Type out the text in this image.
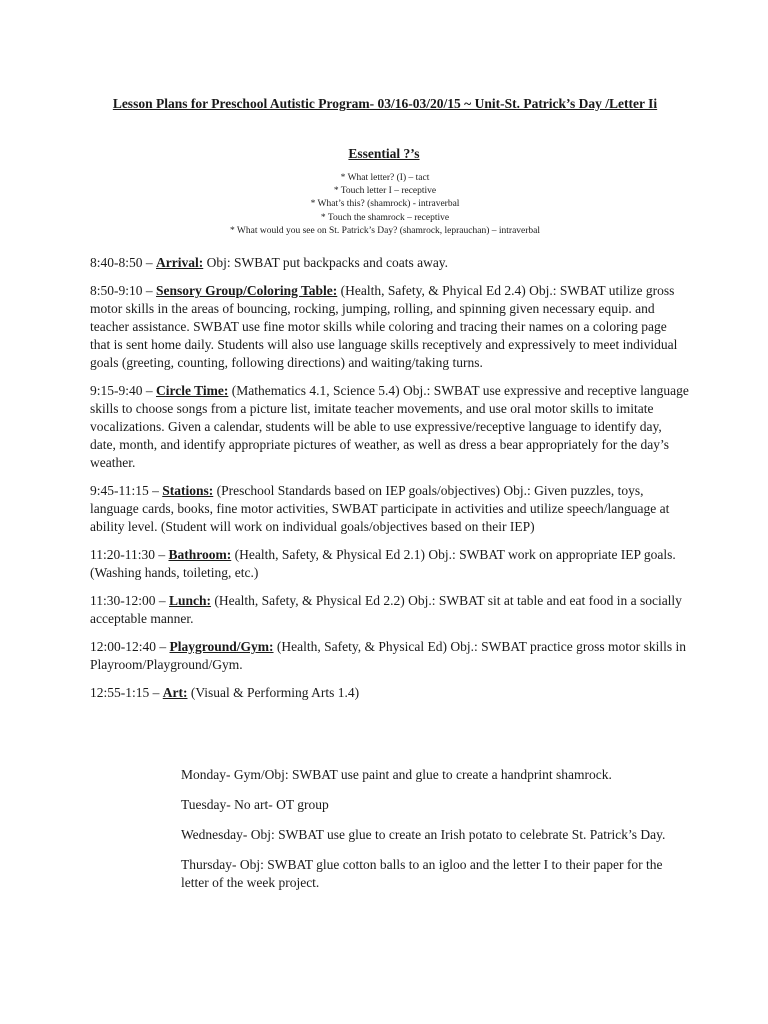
Lesson Plans for Preschool Autistic Program- 03/16-03/20/15 ~ Unit-St. Patrick’s Day /Letter Ii
Essential ?’s
* What letter? (I) – tact
* Touch letter I – receptive
* What’s this? (shamrock) - intraverbal
* Touch the shamrock – receptive
* What would you see on St. Patrick’s Day? (shamrock, leprauchan) – intraverbal

8:40-8:50 – Arrival: Obj: SWBAT put backpacks and coats away.

8:50-9:10 – Sensory Group/Coloring Table: (Health, Safety, & Phyical Ed 2.4) Obj.: SWBAT utilize gross motor skills in the areas of bouncing, rocking, jumping, rolling, and spinning given necessary equip. and teacher assistance. SWBAT use fine motor skills while coloring and tracing their names on a coloring page that is sent home daily. Students will also use language skills receptively and expressively to meet individual goals (greeting, counting, following directions) and waiting/taking turns.

9:15-9:40 – Circle Time: (Mathematics 4.1, Science 5.4) Obj.: SWBAT use expressive and receptive language skills to choose songs from a picture list, imitate teacher movements, and use oral motor skills to imitate vocalizations. Given a calendar, students will be able to use expressive/receptive language to identify day, date, month, and identify appropriate pictures of weather, as well as dress a bear appropriately for the day’s weather.

9:45-11:15 – Stations: (Preschool Standards based on IEP goals/objectives) Obj.: Given puzzles, toys, language cards, books, fine motor activities, SWBAT participate in activities and utilize speech/language at ability level. (Student will work on individual goals/objectives based on their IEP)

11:20-11:30 – Bathroom: (Health, Safety, & Physical Ed 2.1) Obj.: SWBAT work on appropriate IEP goals. (Washing hands, toileting, etc.)

11:30-12:00 – Lunch: (Health, Safety, & Physical Ed 2.2) Obj.: SWBAT sit at table and eat food in a socially acceptable manner.

12:00-12:40 – Playground/Gym: (Health, Safety, & Physical Ed) Obj.: SWBAT practice gross motor skills in Playroom/Playground/Gym.

12:55-1:15 – Art: (Visual & Performing Arts 1.4)

Monday- Gym/Obj: SWBAT use paint and glue to create a handprint shamrock.

Tuesday- No art- OT group

Wednesday- Obj: SWBAT use glue to create an Irish potato to celebrate St. Patrick’s Day.

Thursday- Obj: SWBAT glue cotton balls to an igloo and the letter I to their paper for the letter of the week project.
